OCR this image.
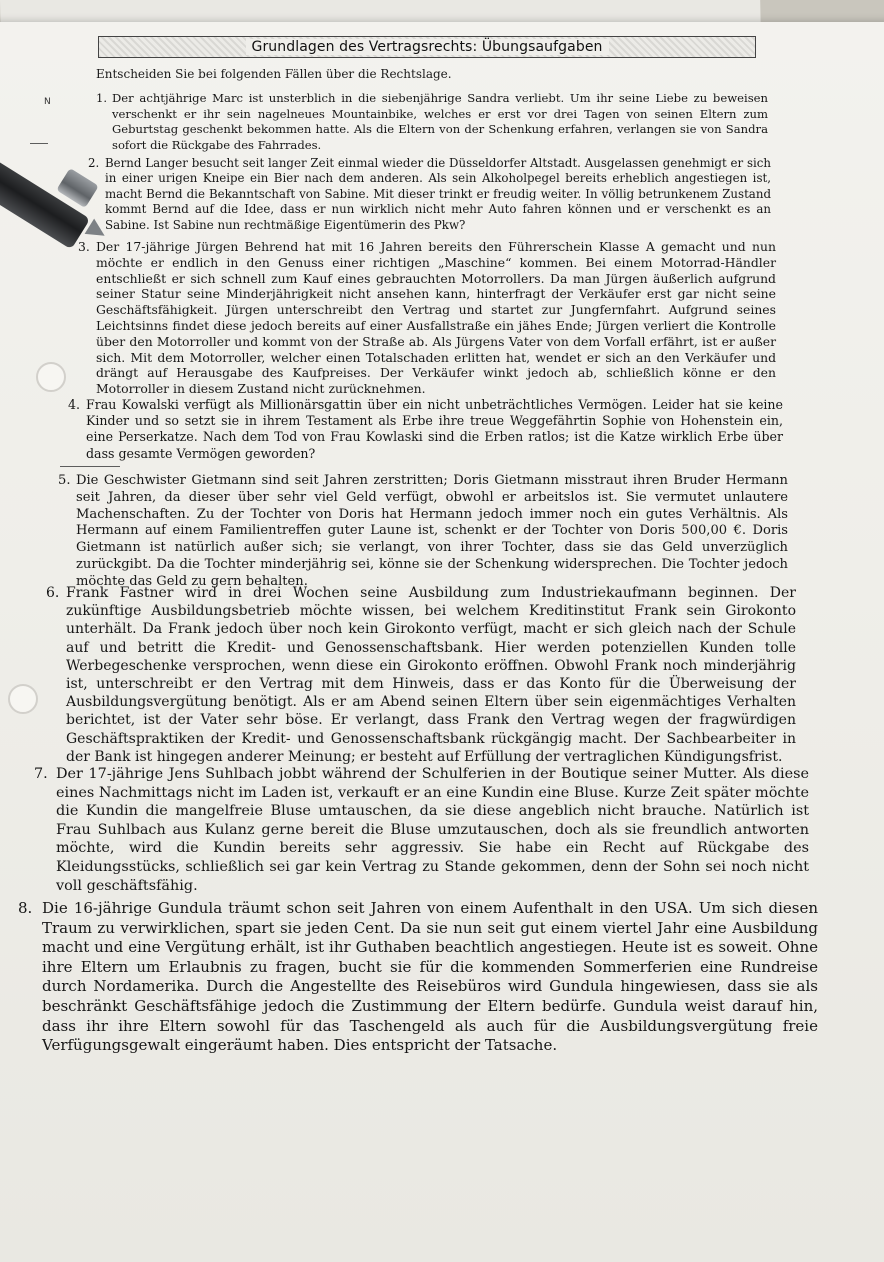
Grundlagen des Vertragsrechts: Übungsaufgaben
Entscheiden Sie bei folgenden Fällen über die Rechtslage.
N	1. Der achtjährige Marc ist unsterblich in die siebenjährige Sandra verliebt. Um ihr seine Liebe zu beweisen verschenkt er ihr sein nagelneues Mountainbike, welches er erst vor drei Tagen von seinen Eltern zum Geburtstag geschenkt bekommen hatte. Als die Eltern von der Schenkung erfahren, verlangen sie von Sandra sofort die Rückgabe des Fahrrades.

2. Bernd Langer besucht seit langer Zeit einmal wieder die Düsseldorfer Altstadt. Ausgelassen genehmigt er sich in einer urigen Kneipe ein Bier nach dem anderen. Als sein Alkoholpegel bereits erheblich angestiegen ist, macht Bernd die Bekanntschaft von Sabine. Mit dieser trinkt er freudig weiter. In völlig betrunkenem Zustand kommt Bernd auf die Idee, dass er nun wirklich nicht mehr Auto fahren können und er verschenkt es an Sabine. Ist Sabine nun rechtmäßige Eigentümerin des Pkw?

3. Der 17-jährige Jürgen Behrend hat mit 16 Jahren bereits den Führerschein Klasse A gemacht und nun möchte er endlich in den Genuss einer richtigen „Maschine“ kommen. Bei einem Motorrad-Händler entschließt er sich schnell zum Kauf eines gebrauchten Motorrollers. Da man Jürgen äußerlich aufgrund seiner Statur seine Minderjährigkeit nicht ansehen kann, hinterfragt der Verkäufer erst gar nicht seine Geschäftsfähigkeit. Jürgen unterschreibt den Vertrag und startet zur Jungfernfahrt. Aufgrund seines Leichtsinns findet diese jedoch bereits auf einer Ausfallstraße ein jähes Ende; Jürgen verliert die Kontrolle über den Motorroller und kommt von der Straße ab. Als Jürgens Vater von dem Vorfall erfährt, ist er außer sich. Mit dem Motorroller, welcher einen Totalschaden erlitten hat, wendet er sich an den Verkäufer und drängt auf Herausgabe des Kaufpreises. Der Verkäufer winkt jedoch ab, schließlich könne er den Motorroller in diesem Zustand nicht zurücknehmen.

4. Frau Kowalski verfügt als Millionärsgattin über ein nicht unbeträchtliches Vermögen. Leider hat sie keine Kinder und so setzt sie in ihrem Testament als Erbe ihre treue Weggefährtin Sophie von Hohenstein ein, eine Perserkatze. Nach dem Tod von Frau Kowlaski sind die Erben ratlos; ist die Katze wirklich Erbe über dass gesamte Vermögen geworden?

5. Die Geschwister Gietmann sind seit Jahren zerstritten; Doris Gietmann misstraut ihren Bruder Hermann seit Jahren, da dieser über sehr viel Geld verfügt, obwohl er arbeitslos ist. Sie vermutet unlautere Machenschaften. Zu der Tochter von Doris hat Hermann jedoch immer noch ein gutes Verhältnis. Als Hermann auf einem Familientreffen guter Laune ist, schenkt er der Tochter von Doris 500,00 €. Doris Gietmann ist natürlich außer sich; sie verlangt, von ihrer Tochter, dass sie das Geld unverzüglich zurückgibt. Da die Tochter minderjährig sei, könne sie der Schenkung widersprechen. Die Tochter jedoch möchte das Geld zu gern behalten.

6. Frank Fastner wird in drei Wochen seine Ausbildung zum Industriekaufmann beginnen. Der zukünftige Ausbildungsbetrieb möchte wissen, bei welchem Kreditinstitut Frank sein Girokonto unterhält. Da Frank jedoch über noch kein Girokonto verfügt, macht er sich gleich nach der Schule auf und betritt die Kredit- und Genossenschaftsbank. Hier werden potenziellen Kunden tolle Werbegeschenke versprochen, wenn diese ein Girokonto eröffnen. Obwohl Frank noch minderjährig ist, unterschreibt er den Vertrag mit dem Hinweis, dass er das Konto für die Überweisung der Ausbildungsvergütung benötigt. Als er am Abend seinen Eltern über sein eigenmächtiges Verhalten berichtet, ist der Vater sehr böse. Er verlangt, dass Frank den Vertrag wegen der fragwürdigen Geschäftspraktiken der Kredit- und Genossenschaftsbank rückgängig macht. Der Sachbearbeiter in der Bank ist hingegen anderer Meinung; er besteht auf Erfüllung der vertraglichen Kündigungsfrist.

7. Der 17-jährige Jens Suhlbach jobbt während der Schulferien in der Boutique seiner Mutter. Als diese eines Nachmittags nicht im Laden ist, verkauft er an eine Kundin eine Bluse. Kurze Zeit später möchte die Kundin die mangelfreie Bluse umtauschen, da sie diese angeblich nicht brauche. Natürlich ist Frau Suhlbach aus Kulanz gerne bereit die Bluse umzutauschen, doch als sie freundlich antworten möchte, wird die Kundin bereits sehr aggressiv. Sie habe ein Recht auf Rückgabe des Kleidungsstücks, schließlich sei gar kein Vertrag zu Stande gekommen, denn der Sohn sei noch nicht voll geschäftsfähig.

8. Die 16-jährige Gundula träumt schon seit Jahren von einem Aufenthalt in den USA. Um sich diesen Traum zu verwirklichen, spart sie jeden Cent. Da sie nun seit gut einem viertel Jahr eine Ausbildung macht und eine Vergütung erhält, ist ihr Guthaben beachtlich angestiegen. Heute ist es soweit. Ohne ihre Eltern um Erlaubnis zu fragen, bucht sie für die kommenden Sommerferien eine Rundreise durch Nordamerika. Durch die Angestellte des Reisebüros wird Gundula hingewiesen, dass sie als beschränkt Geschäftsfähige jedoch die Zustimmung der Eltern bedürfe. Gundula weist darauf hin, dass ihr ihre Eltern sowohl für das Taschengeld als auch für die Ausbildungsvergütung freie Verfügungsgewalt eingeräumt haben. Dies entspricht der Tatsache.
